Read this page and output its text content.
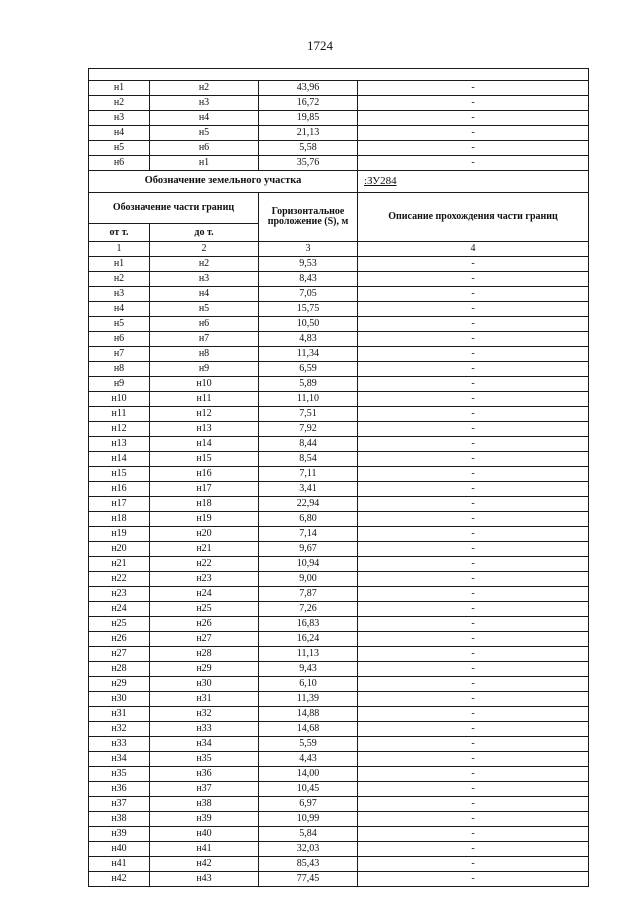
1724

н1	н2	43,96	-
н2	н3	16,72	-
н3	н4	19,85	-
н4	н5	21,13	-
н5	н6	5,58	-
н6	н1	35,76	-
Обозначение земельного участка			:ЗУ284
Обозначение части границ		Горизонтальное проложение (S), м	Описание прохождения части границ
от т.	до т.		
1	2	3	4
н1	н2	9,53	-
н2	н3	8,43	-
н3	н4	7,05	-
н4	н5	15,75	-
н5	н6	10,50	-
н6	н7	4,83	-
н7	н8	11,34	-
н8	н9	6,59	-
н9	н10	5,89	-
н10	н11	11,10	-
н11	н12	7,51	-
н12	н13	7,92	-
н13	н14	8,44	-
н14	н15	8,54	-
н15	н16	7,11	-
н16	н17	3,41	-
н17	н18	22,94	-
н18	н19	6,80	-
н19	н20	7,14	-
н20	н21	9,67	-
н21	н22	10,94	-
н22	н23	9,00	-
н23	н24	7,87	-
н24	н25	7,26	-
н25	н26	16,83	-
н26	н27	16,24	-
н27	н28	11,13	-
н28	н29	9,43	-
н29	н30	6,10	-
н30	н31	11,39	-
н31	н32	14,88	-
н32	н33	14,68	-
н33	н34	5,59	-
н34	н35	4,43	-
н35	н36	14,00	-
н36	н37	10,45	-
н37	н38	6,97	-
н38	н39	10,99	-
н39	н40	5,84	-
н40	н41	32,03	-
н41	н42	85,43	-
н42	н43	77,45	-
